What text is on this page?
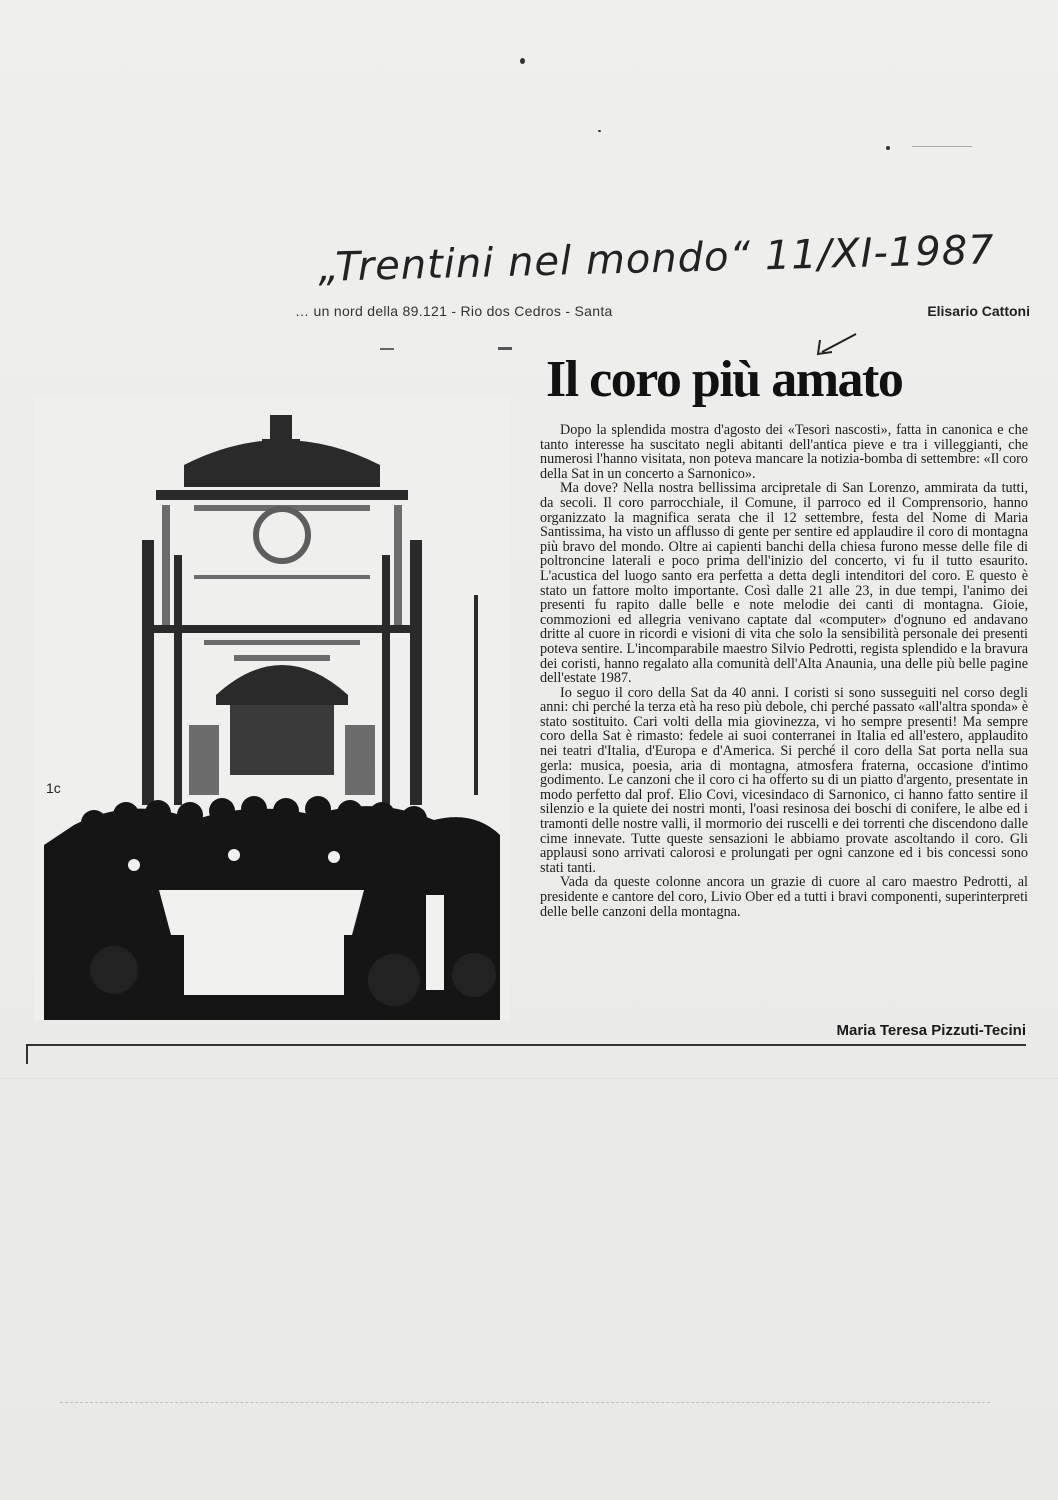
„Trentini nel mondo“ 11/XI-1987
… un nord della 89.121 - Rio dos Cedros - Santa	Elisario Cattoni
Il coro più amato
1c

Dopo la splendida mostra d'agosto dei «Tesori nascosti», fatta in canonica e che tanto interesse ha suscitato negli abitanti dell'antica pieve e tra i villeggianti, che numerosi l'hanno visitata, non poteva mancare la notizia-bomba di settembre: «Il coro della Sat in un concerto a Sarnonico».

Ma dove? Nella nostra bellissima arcipretale di San Lorenzo, ammirata da tutti, da secoli. Il coro parrocchiale, il Comune, il parroco ed il Comprensorio, hanno organizzato la magnifica serata che il 12 settembre, festa del Nome di Maria Santissima, ha visto un afflusso di gente per sentire ed applaudire il coro di montagna più bravo del mondo. Oltre ai capienti banchi della chiesa furono messe delle file di poltroncine laterali e poco prima dell'inizio del concerto, vi fu il tutto esaurito. L'acustica del luogo santo era perfetta a detta degli intenditori del coro. E questo è stato un fattore molto importante. Così dalle 21 alle 23, in due tempi, l'animo dei presenti fu rapito dalle belle e note melodie dei canti di montagna. Gioie, commozioni ed allegria venivano captate dal «computer» d'ognuno ed andavano dritte al cuore in ricordi e visioni di vita che solo la sensibilità personale dei presenti poteva sentire. L'incomparabile maestro Silvio Pedrotti, regista splendido e la bravura dei coristi, hanno regalato alla comunità dell'Alta Anaunia, una delle più belle pagine dell'estate 1987.

Io seguo il coro della Sat da 40 anni. I coristi si sono susseguiti nel corso degli anni: chi perché la terza età ha reso più debole, chi perché passato «all'altra sponda» è stato sostituito. Cari volti della mia giovinezza, vi ho sempre presenti! Ma sempre coro della Sat è rimasto: fedele ai suoi conterranei in Italia ed all'estero, applaudito nei teatri d'Italia, d'Europa e d'America. Si perché il coro della Sat porta nella sua gerla: musica, poesia, aria di montagna, atmosfera fraterna, occasione d'intimo godimento. Le canzoni che il coro ci ha offerto su di un piatto d'argento, presentate in modo perfetto dal prof. Elio Covi, vicesindaco di Sarnonico, ci hanno fatto sentire il silenzio e la quiete dei nostri monti, l'oasi resinosa dei boschi di conifere, le albe ed i tramonti delle nostre valli, il mormorio dei ruscelli e dei torrenti che discendono dalle cime innevate. Tutte queste sensazioni le abbiamo provate ascoltando il coro. Gli applausi sono arrivati calorosi e prolungati per ogni canzone ed i bis concessi sono stati tanti.

Vada da queste colonne ancora un grazie di cuore al caro maestro Pedrotti, al presidente e cantore del coro, Livio Ober ed a tutti i bravi componenti, superinterpreti delle belle canzoni della montagna.

Maria Teresa Pizzuti-Tecini
